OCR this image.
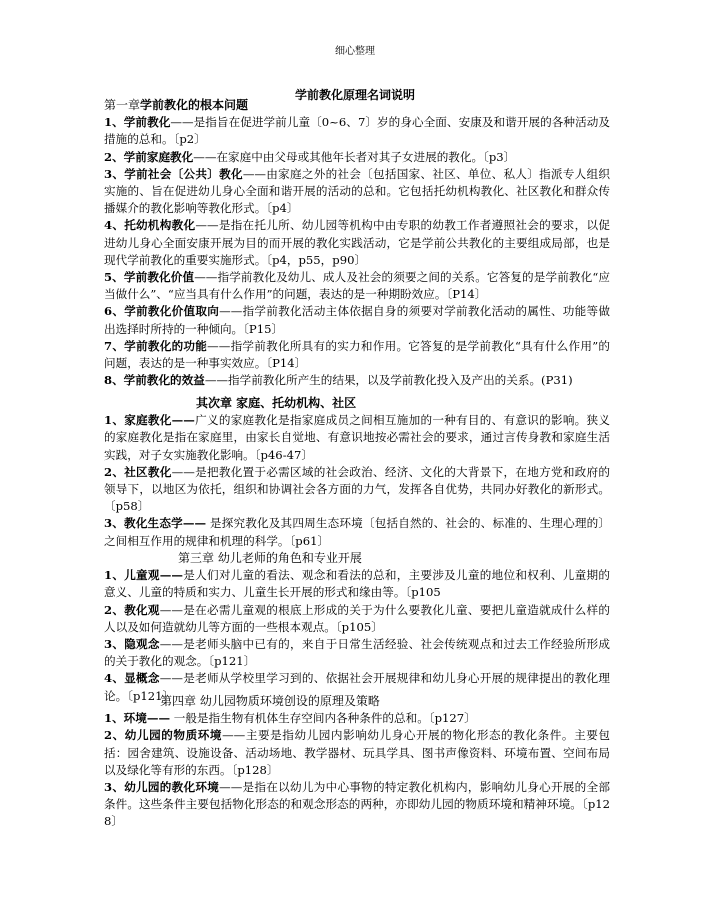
细心整理
学前教化原理名词说明

第一章学前教化的根本问题

1、学前教化——是指旨在促进学前儿童〔0~6、7〕岁的身心全面、安康及和谐开展的各种活动及措施的总和。〔p2〕

2、学前家庭教化——在家庭中由父母或其他年长者对其子女进展的教化。〔p3〕

3、学前社会〔公共〕教化——由家庭之外的社会〔包括国家、社区、单位、私人〕指派专人组织实施的、旨在促进幼儿身心全面和谐开展的活动的总和。它包括托幼机构教化、社区教化和群众传播媒介的教化影响等教化形式。〔p4〕

4、托幼机构教化——是指在托儿所、幼儿园等机构中由专职的幼教工作者遵照社会的要求，以促进幼儿身心全面安康开展为目的而开展的教化实践活动，它是学前公共教化的主要组成局部，也是现代学前教化的重要实施形式。〔p4，p55，p90〕

5、学前教化价值——指学前教化及幼儿、成人及社会的须要之间的关系。它答复的是学前教化“应当做什么”、“应当具有什么作用”的问题，表达的是一种期盼效应。〔P14〕

6、学前教化价值取向——指学前教化活动主体依据自身的须要对学前教化活动的属性、功能等做出选择时所持的一种倾向。〔P15〕

7、学前教化的功能——指学前教化所具有的实力和作用。它答复的是学前教化“具有什么作用”的问题，表达的是一种事实效应。〔P14〕

8、学前教化的效益——指学前教化所产生的结果，以及学前教化投入及产出的关系。(P31)

其次章 家庭、托幼机构、社区

1、家庭教化——广义的家庭教化是指家庭成员之间相互施加的一种有目的、有意识的影响。狭义的家庭教化是指在家庭里，由家长自觉地、有意识地按必需社会的要求，通过言传身教和家庭生活实践，对子女实施教化影响。〔p46-47〕

2、社区教化——是把教化置于必需区域的社会政治、经济、文化的大背景下，在地方党和政府的领导下，以地区为依托，组织和协调社会各方面的力气，发挥各自优势，共同办好教化的新形式。〔p58〕

3、教化生态学—— 是探究教化及其四周生态环境〔包括自然的、社会的、标准的、生理心理的〕之间相互作用的规律和机理的科学。〔p61〕

第三章 幼儿老师的角色和专业开展

1、儿童观——是人们对儿童的看法、观念和看法的总和，主要涉及儿童的地位和权利、儿童期的意义、儿童的特质和实力、儿童生长开展的形式和缘由等。〔p105

2、教化观——是在必需儿童观的根底上形成的关于为什么要教化儿童、要把儿童造就成什么样的人以及如何造就幼儿等方面的一些根本观点。〔p105〕

3、隐观念——是老师头脑中已有的，来自于日常生活经验、社会传统观点和过去工作经验所形成的关于教化的观念。〔p121〕

4、显概念——是老师从学校里学习到的、依据社会开展规律和幼儿身心开展的规律提出的教化理论。〔p121〕

第四章 幼儿园物质环境创设的原理及策略

1、环境—— 一般是指生物有机体生存空间内各种条件的总和。〔p127〕

2、幼儿园的物质环境——主要是指幼儿园内影响幼儿身心开展的物化形态的教化条件。主要包括：园舍建筑、设施设备、活动场地、教学器材、玩具学具、图书声像资料、环境布置、空间布局以及绿化等有形的东西。〔p128〕

3、幼儿园的教化环境——是指在以幼儿为中心事物的特定教化机构内，影响幼儿身心开展的全部条件。这些条件主要包括物化形态的和观念形态的两种，亦即幼儿园的物质环境和精神环境。〔p128〕
